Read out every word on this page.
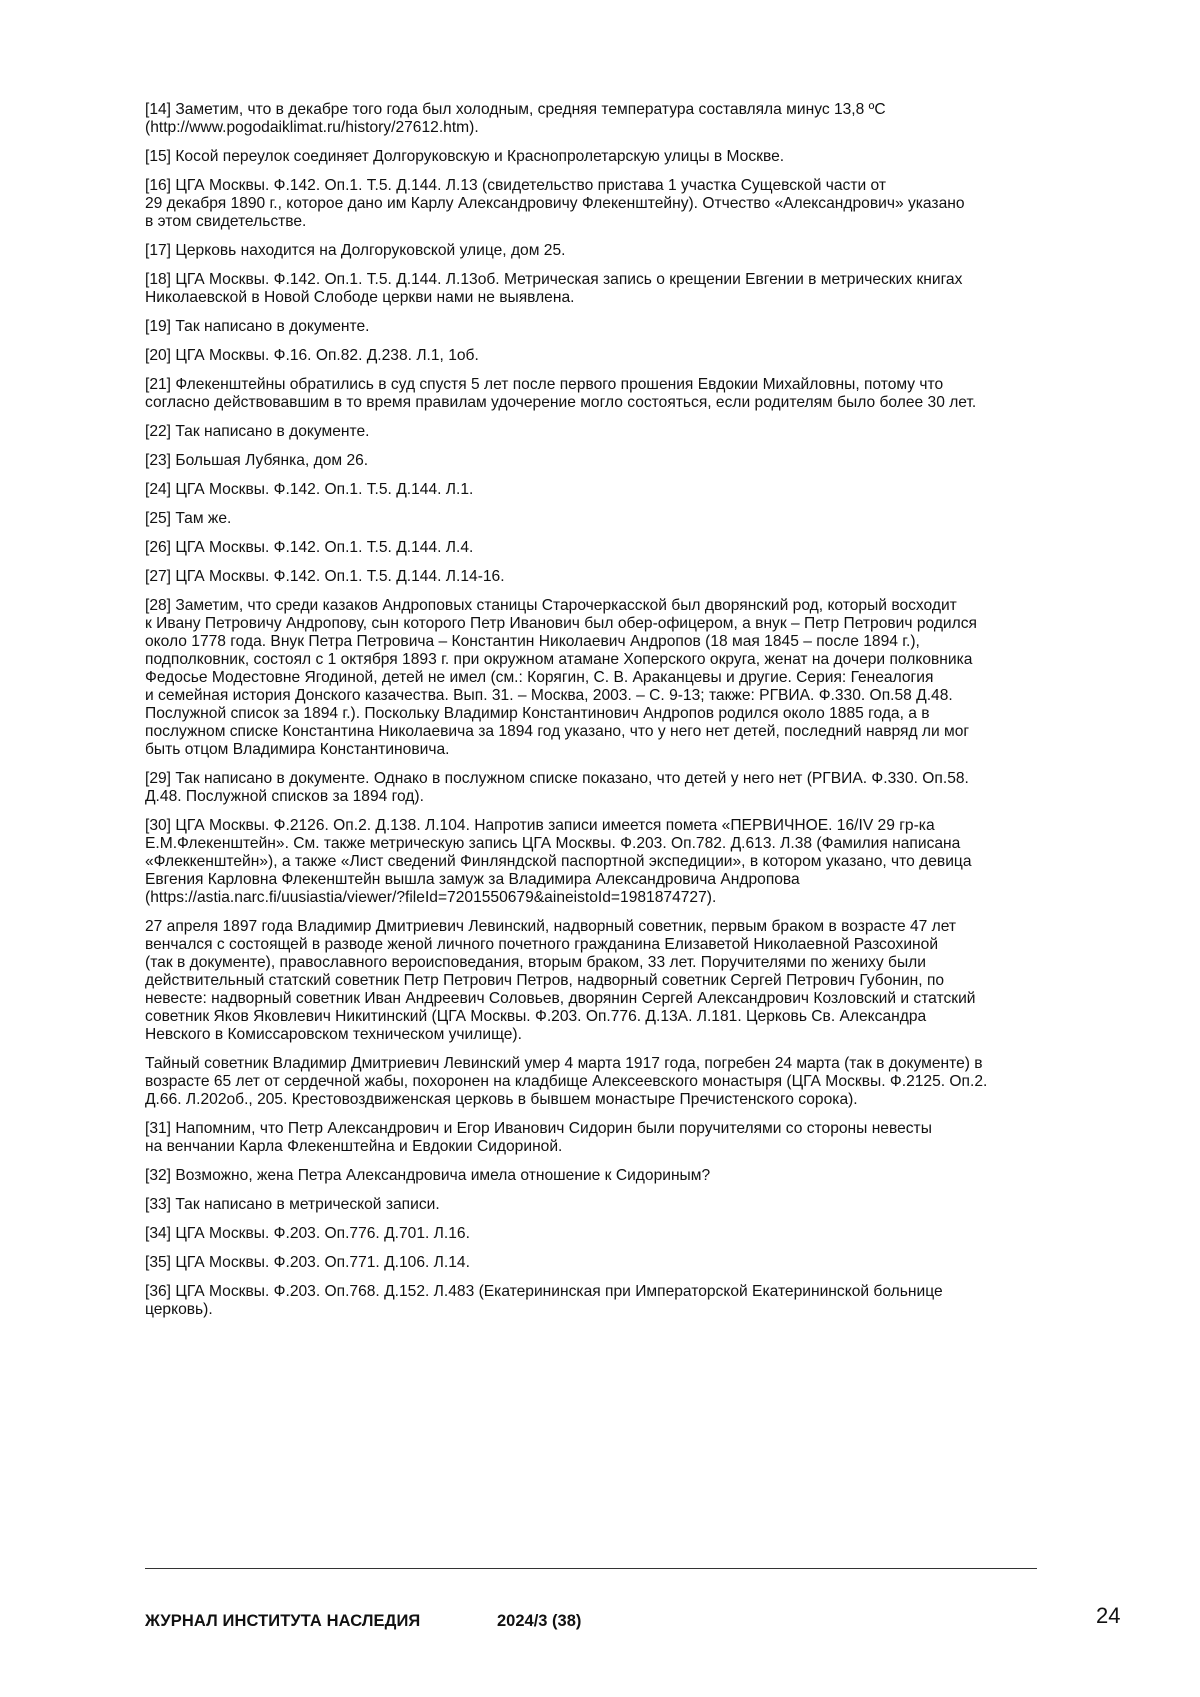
[14] Заметим, что в декабре того года был холодным, средняя температура составляла минус 13,8 ºС
(http://www.pogodaiklimat.ru/history/27612.htm).

[15] Косой переулок соединяет Долгоруковскую и Краснопролетарскую улицы в Москве.

[16] ЦГА Москвы. Ф.142. Оп.1. Т.5. Д.144. Л.13 (свидетельство пристава 1 участка Сущевской части от
29 декабря 1890 г., которое дано им Карлу Александровичу Флекенштейну). Отчество «Александрович» указано
в этом свидетельстве.

[17] Церковь находится на Долгоруковской улице, дом 25.

[18] ЦГА Москвы. Ф.142. Оп.1. Т.5. Д.144. Л.13об. Метрическая запись о крещении Евгении в метрических книгах
Николаевской в Новой Слободе церкви нами не выявлена.

[19] Так написано в документе.

[20] ЦГА Москвы. Ф.16. Оп.82. Д.238. Л.1, 1об.

[21] Флекенштейны обратились в суд спустя 5 лет после первого прошения Евдокии Михайловны, потому что
согласно действовавшим в то время правилам удочерение могло состояться, если родителям было более 30 лет.

[22] Так написано в документе.

[23] Большая Лубянка, дом 26.

[24] ЦГА Москвы. Ф.142. Оп.1. Т.5. Д.144. Л.1.

[25] Там же.

[26] ЦГА Москвы. Ф.142. Оп.1. Т.5. Д.144. Л.4.

[27] ЦГА Москвы. Ф.142. Оп.1. Т.5. Д.144. Л.14-16.

[28] Заметим, что среди казаков Андроповых станицы Старочеркасской был дворянский род, который восходит
к Ивану Петровичу Андропову, сын которого Петр Иванович был обер-офицером, а внук – Петр Петрович родился
около 1778 года. Внук Петра Петровича – Константин Николаевич Андропов (18 мая 1845 – после 1894 г.),
подполковник, состоял с 1 октября 1893 г. при окружном атамане Хоперского округа, женат на дочери полковника
Федосье Модестовне Ягодиной, детей не имел (см.: Корягин, С. В. Араканцевы и другие. Серия: Генеалогия
и семейная история Донского казачества. Вып. 31. – Москва, 2003. – С. 9-13; также: РГВИА. Ф.330. Оп.58 Д.48.
Послужной список за 1894 г.). Поскольку Владимир Константинович Андропов родился около 1885 года, а в
послужном списке Константина Николаевича за 1894 год указано, что у него нет детей, последний навряд ли мог
быть отцом Владимира Константиновича.

[29] Так написано в документе. Однако в послужном списке показано, что детей у него нет (РГВИА. Ф.330. Оп.58.
Д.48. Послужной списков за 1894 год).

[30] ЦГА Москвы. Ф.2126. Оп.2. Д.138. Л.104. Напротив записи имеется помета «ПЕРВИЧНОЕ. 16/IV 29 гр-ка
Е.М.Флекенштейн». См. также метрическую запись ЦГА Москвы. Ф.203. Оп.782. Д.613. Л.38 (Фамилия написана
«Флеккенштейн»), а также «Лист сведений Финляндской паспортной экспедиции», в котором указано, что девица
Евгения Карловна Флекенштейн вышла замуж за Владимира Александровича Андропова
(https://astia.narc.fi/uusiastia/viewer/?fileId=7201550679&aineistoId=1981874727).

27 апреля 1897 года Владимир Дмитриевич Левинский, надворный советник, первым браком в возрасте 47 лет
венчался с состоящей в разводе женой личного почетного гражданина Елизаветой Николаевной Разсохиной
(так в документе), православного вероисповедания, вторым браком, 33 лет. Поручителями по жениху были
действительный статский советник Петр Петрович Петров, надворный советник Сергей Петрович Губонин, по
невесте: надворный советник Иван Андреевич Соловьев, дворянин Сергей Александрович Козловский и статский
советник Яков Яковлевич Никитинский (ЦГА Москвы. Ф.203. Оп.776. Д.13А. Л.181. Церковь Св. Александра
Невского в Комиссаровском техническом училище).

Тайный советник Владимир Дмитриевич Левинский умер 4 марта 1917 года, погребен 24 марта (так в документе) в
возрасте 65 лет от сердечной жабы, похоронен на кладбище Алексеевского монастыря (ЦГА Москвы. Ф.2125. Оп.2.
Д.66. Л.202об., 205. Крестовоздвиженская церковь в бывшем монастыре Пречистенского сорока).

[31] Напомним, что Петр Александрович и Егор Иванович Сидорин были поручителями со стороны невесты
на венчании Карла Флекенштейна и Евдокии Сидориной.

[32] Возможно, жена Петра Александровича имела отношение к Сидориным?

[33] Так написано в метрической записи.

[34] ЦГА Москвы. Ф.203. Оп.776. Д.701. Л.16.

[35] ЦГА Москвы. Ф.203. Оп.771. Д.106. Л.14.

[36] ЦГА Москвы. Ф.203. Оп.768. Д.152. Л.483 (Екатерининская при Императорской Екатерининской больнице
церковь).

ЖУРНАЛ ИНСТИТУТА НАСЛЕДИЯ	2024/3 (38)	24
